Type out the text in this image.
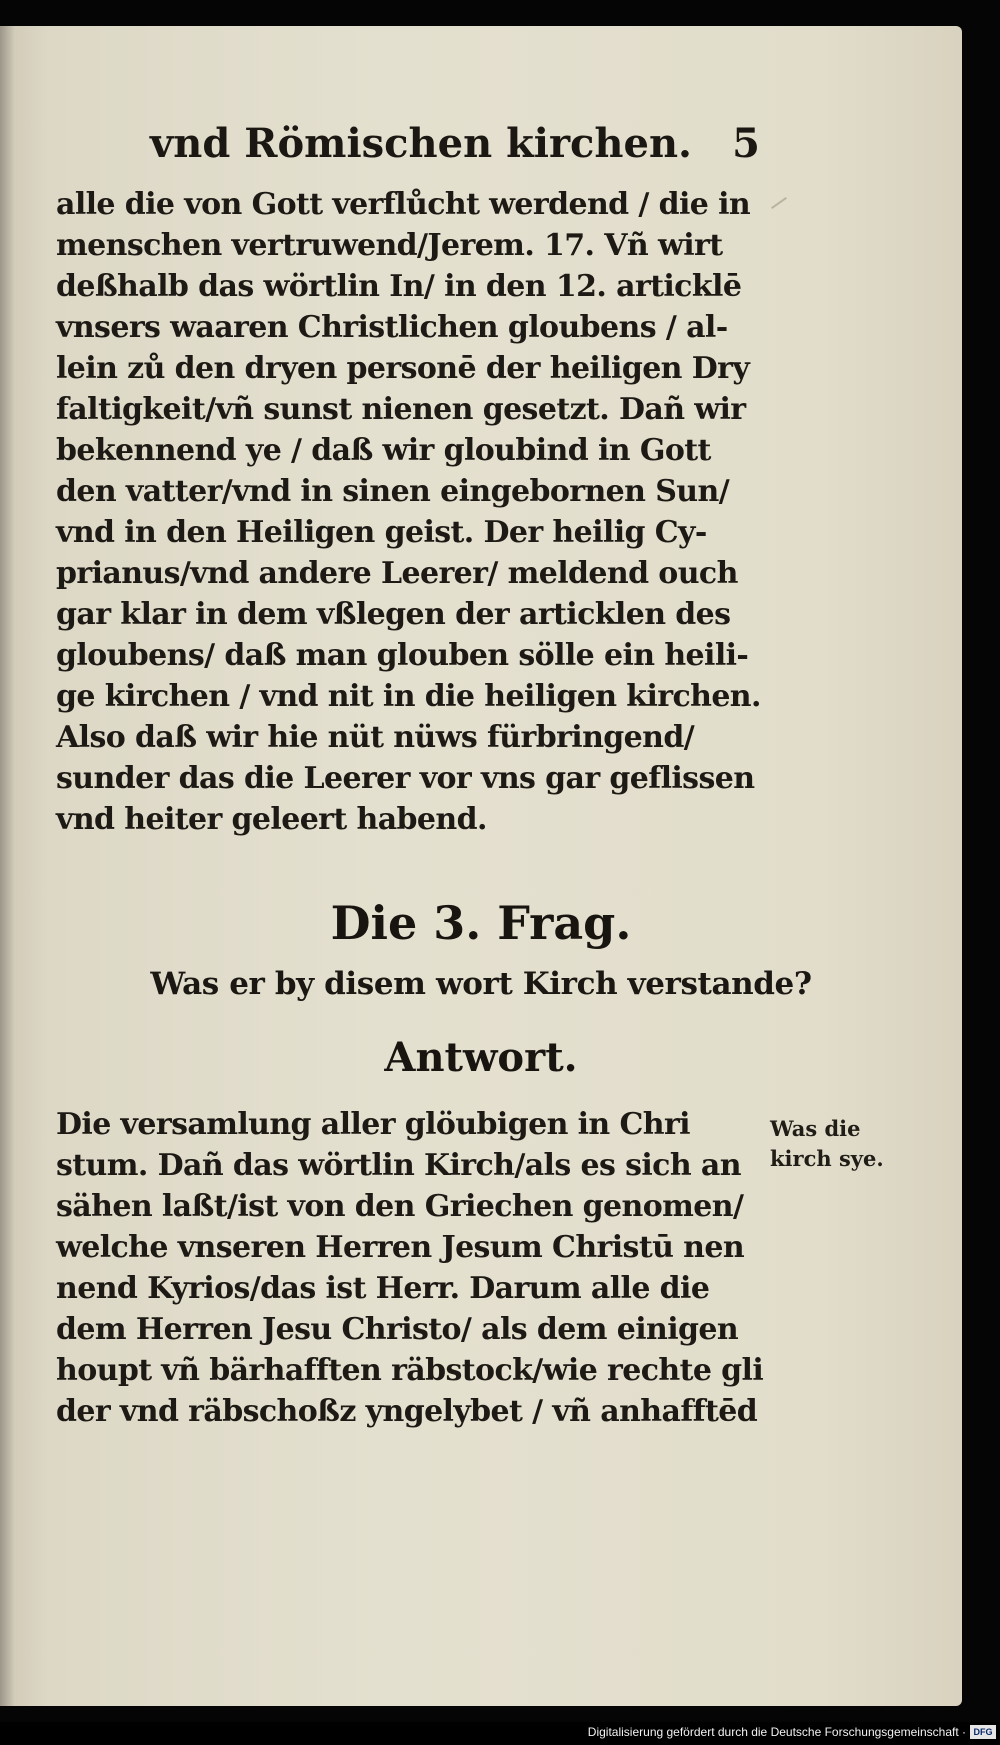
vnd Römischen kirchen. 5
alle die von Gott verflůcht werdend / die in
menschen vertruwend/Jerem. 17. Vñ wirt
deßhalb das wörtlin In/ in den 12. articklē
vnsers waaren Christlichen gloubens / al-
lein zů den dryen personē der heiligen Dry
faltigkeit/vñ sunst nienen gesetzt. Dañ wir
bekennend ye / daß wir gloubind in Gott
den vatter/vnd in sinen eingebornen Sun/
vnd in den Heiligen geist. Der heilig Cy-
prianus/vnd andere Leerer/ meldend ouch
gar klar in dem vßlegen der articklen des
gloubens/ daß man glouben sölle ein heili-
ge kirchen / vnd nit in die heiligen kirchen.
Also daß wir hie nüt nüws fürbringend/
sunder das die Leerer vor vns gar geflissen
vnd heiter geleert habend.
Die 3. Frag.
Was er by disem wort Kirch verstande?
Antwort.
Die versamlung aller glöubigen in Chri
stum. Dañ das wörtlin Kirch/als es sich an
sähen laßt/ist von den Griechen genomen/
welche vnseren Herren Jesum Christū nen
nend Kyrios/das ist Herr. Darum alle die
dem Herren Jesu Christo/ als dem einigen
houpt vñ bärhafften räbstock/wie rechte gli
der vnd räbschoßz yngelybet / vñ anhafftēd
Was die
kirch sye.
Digitalisierung gefördert durch die Deutsche Forschungsgemeinschaft · DFG
